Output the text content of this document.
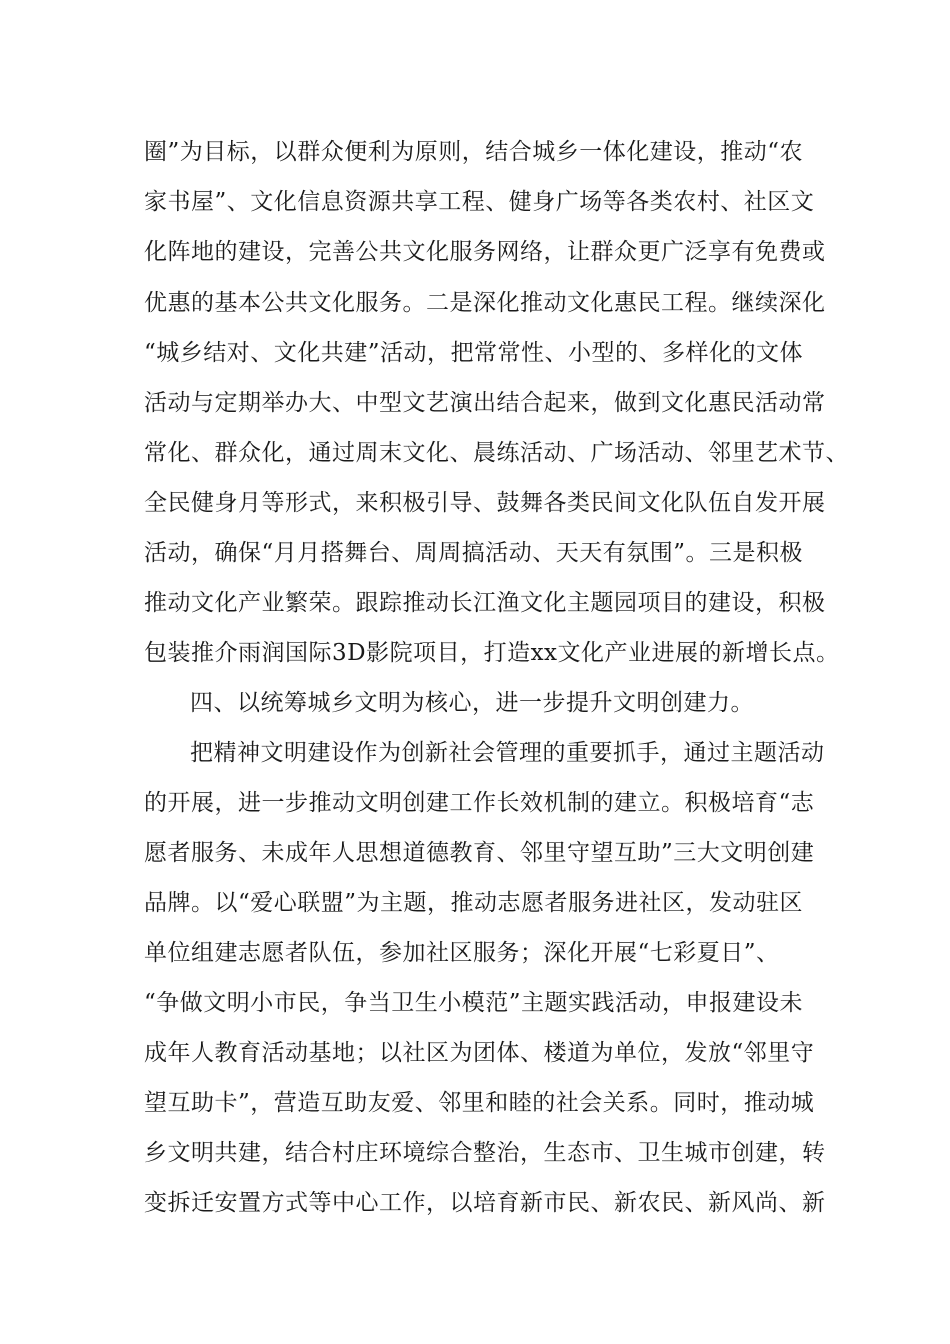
圈”为目标，以群众便利为原则，结合城乡一体化建设，推动“农
家书屋”、文化信息资源共享工程、健身广场等各类农村、社区文
化阵地的建设，完善公共文化服务网络，让群众更广泛享有免费或
优惠的基本公共文化服务。二是深化推动文化惠民工程。继续深化
“城乡结对、文化共建”活动，把常常性、小型的、多样化的文体
活动与定期举办大、中型文艺演出结合起来，做到文化惠民活动常
常化、群众化，通过周末文化、晨练活动、广场活动、邻里艺术节、
全民健身月等形式，来积极引导、鼓舞各类民间文化队伍自发开展
活动，确保“月月搭舞台、周周搞活动、天天有氛围”。三是积极
推动文化产业繁荣。跟踪推动长江渔文化主题园项目的建设，积极
包装推介雨润国际3D影院项目，打造xx文化产业进展的新增长点。
四、以统筹城乡文明为核心，进一步提升文明创建力。
把精神文明建设作为创新社会管理的重要抓手，通过主题活动
的开展，进一步推动文明创建工作长效机制的建立。积极培育“志
愿者服务、未成年人思想道德教育、邻里守望互助”三大文明创建
品牌。以“爱心联盟”为主题，推动志愿者服务进社区，发动驻区
单位组建志愿者队伍，参加社区服务；深化开展“七彩夏日”、
“争做文明小市民，争当卫生小模范”主题实践活动，申报建设未
成年人教育活动基地；以社区为团体、楼道为单位，发放“邻里守
望互助卡”，营造互助友爱、邻里和睦的社会关系。同时，推动城
乡文明共建，结合村庄环境综合整治，生态市、卫生城市创建，转
变拆迁安置方式等中心工作，以培育新市民、新农民、新风尚、新
